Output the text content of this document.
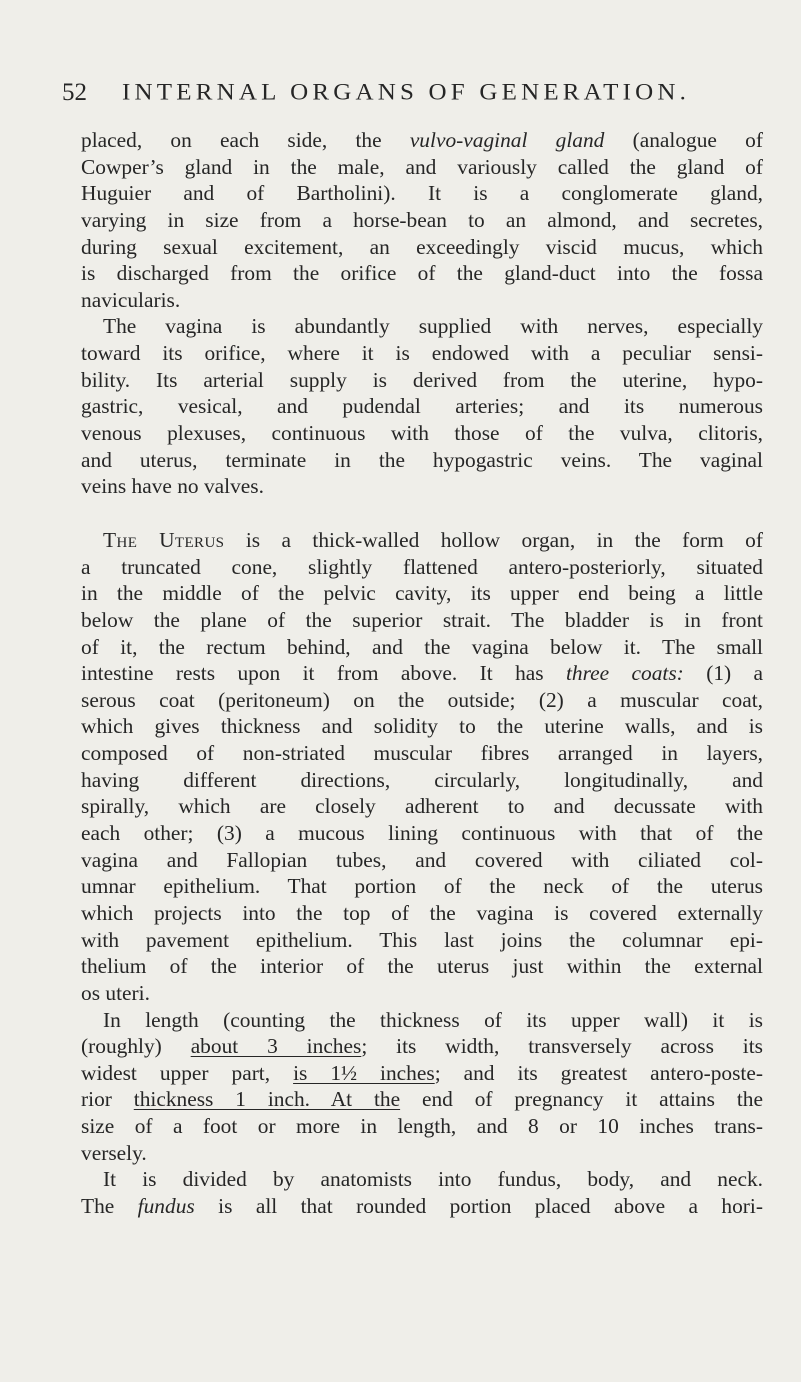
52 INTERNAL ORGANS OF GENERATION.
placed, on each side, the vulvo-vaginal gland (analogue of
Cowper’s gland in the male, and variously called the gland of
Huguier and of Bartholini). It is a conglomerate gland,
varying in size from a horse-bean to an almond, and secretes,
during sexual excitement, an exceedingly viscid mucus, which
is discharged from the orifice of the gland-duct into the fossa
navicularis.
The vagina is abundantly supplied with nerves, especially
toward its orifice, where it is endowed with a peculiar sensi-
bility. Its arterial supply is derived from the uterine, hypo-
gastric, vesical, and pudendal arteries; and its numerous
venous plexuses, continuous with those of the vulva, clitoris,
and uterus, terminate in the hypogastric veins. The vaginal
veins have no valves.
The Uterus is a thick-walled hollow organ, in the form of
a truncated cone, slightly flattened antero-posteriorly, situated
in the middle of the pelvic cavity, its upper end being a little
below the plane of the superior strait. The bladder is in front
of it, the rectum behind, and the vagina below it. The small
intestine rests upon it from above. It has three coats: (1) a
serous coat (peritoneum) on the outside; (2) a muscular coat,
which gives thickness and solidity to the uterine walls, and is
composed of non-striated muscular fibres arranged in layers,
having different directions, circularly, longitudinally, and
spirally, which are closely adherent to and decussate with
each other; (3) a mucous lining continuous with that of the
vagina and Fallopian tubes, and covered with ciliated col-
umnar epithelium. That portion of the neck of the uterus
which projects into the top of the vagina is covered externally
with pavement epithelium. This last joins the columnar epi-
thelium of the interior of the uterus just within the external
os uteri.
In length (counting the thickness of its upper wall) it is
(roughly) about 3 inches; its width, transversely across its
widest upper part, is 1½ inches; and its greatest antero-poste-
rior thickness 1 inch. At the end of pregnancy it attains the
size of a foot or more in length, and 8 or 10 inches trans-
versely.
It is divided by anatomists into fundus, body, and neck.
The fundus is all that rounded portion placed above a hori-
